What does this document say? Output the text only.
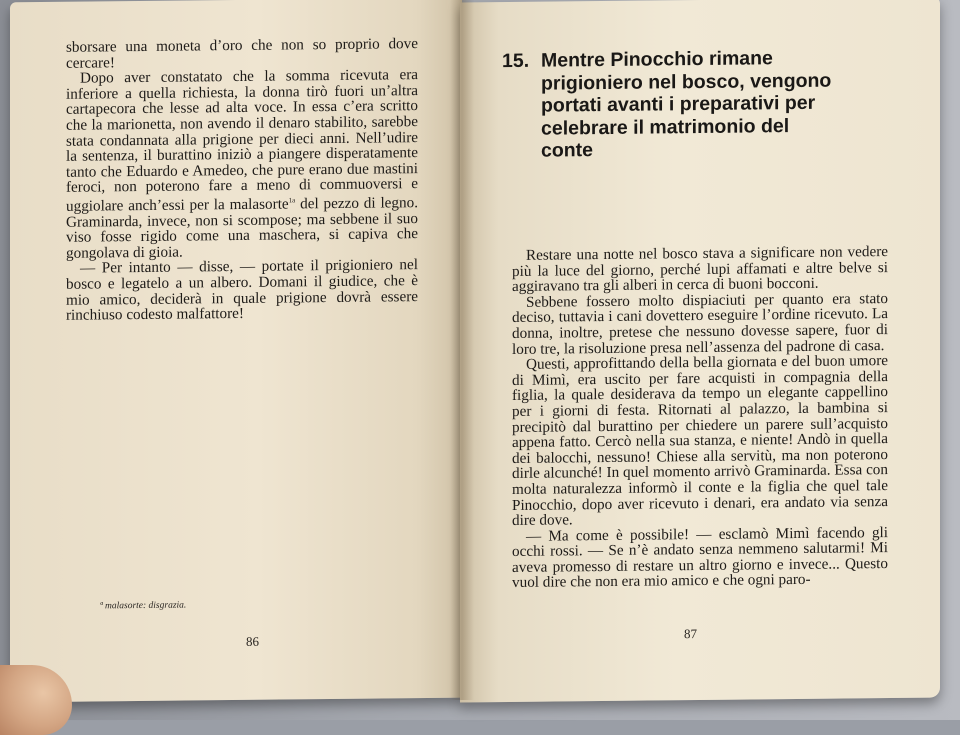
sborsare una moneta d’oro che non so proprio dove cercare!

Dopo aver constatato che la somma ricevuta era inferiore a quella richiesta, la donna tirò fuori un’altra cartapecora che lesse ad alta voce. In essa c’era scritto che la marionetta, non avendo il denaro stabilito, sarebbe stata condannata alla prigione per dieci anni. Nell’udire la sentenza, il burattino iniziò a piangere disperatamente tanto che Eduardo e Amedeo, che pure erano due mastini feroci, non poterono fare a meno di commuoversi e uggiolare anch’essi per la malasorte$^{1a}$ del pezzo di legno. Graminarda, invece, non si scompose; ma sebbene il suo viso fosse rigido come una maschera, si capiva che gongolava di gioia.

— Per intanto — disse, — portate il prigioniero nel bosco e legatelo a un albero. Domani il giudice, che è mio amico, deciderà in quale prigione dovrà essere rinchiuso codesto malfattore!

ª malasorte: disgrazia.
86
15. Mentre Pinocchio rimane prigioniero nel bosco, vengono portati avanti i preparativi per celebrare il matrimonio del conte

Restare una notte nel bosco stava a significare non vedere più la luce del giorno, perché lupi affamati e altre belve si aggiravano tra gli alberi in cerca di buoni bocconi.

Sebbene fossero molto dispiaciuti per quanto era stato deciso, tuttavia i cani dovettero eseguire l’ordine ricevuto. La donna, inoltre, pretese che nessuno dovesse sapere, fuor di loro tre, la risoluzione presa nell’assenza del padrone di casa.

Questi, approfittando della bella giornata e del buon umore di Mimì, era uscito per fare acquisti in compagnia della figlia, la quale desiderava da tempo un elegante cappellino per i giorni di festa. Ritornati al palazzo, la bambina si precipitò dal burattino per chiedere un parere sull’acquisto appena fatto. Cercò nella sua stanza, e niente! Andò in quella dei balocchi, nessuno! Chiese alla servitù, ma non poterono dirle alcunché! In quel momento arrivò Graminarda. Essa con molta naturalezza informò il conte e la figlia che quel tale Pinocchio, dopo aver ricevuto i denari, era andato via senza dire dove.

— Ma come è possibile! — esclamò Mimì facendo gli occhi rossi. — Se n’è andato senza nemmeno salutarmi! Mi aveva promesso di restare un altro giorno e invece... Questo vuol dire che non era mio amico e che ogni paro-

87
